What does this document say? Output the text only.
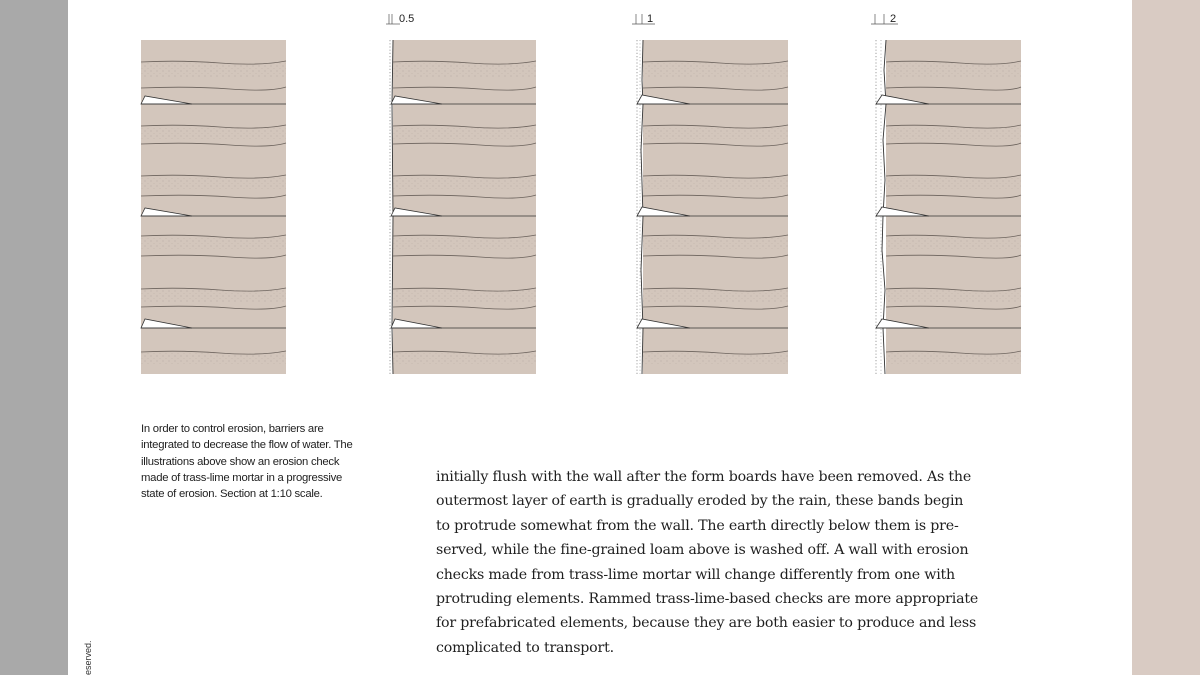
0.5	1	2
In order to control erosion, barriers are integrated to decrease the flow of water. The illustrations above show an erosion check made of trass-lime mortar in a progressive state of erosion. Section at 1:10 scale.

initially flush with the wall after the form boards have been removed. As the
outermost layer of earth is gradually eroded by the rain, these bands begin
to protrude somewhat from the wall. The earth directly below them is pre-
served, while the fine-grained loam above is washed off. A wall with erosion
checks made from trass-lime mortar will change differently from one with
protruding elements. Rammed trass-lime-based checks are more appropriate
for prefabricated elements, because they are both easier to produce and less
complicated to transport.

eserved.
